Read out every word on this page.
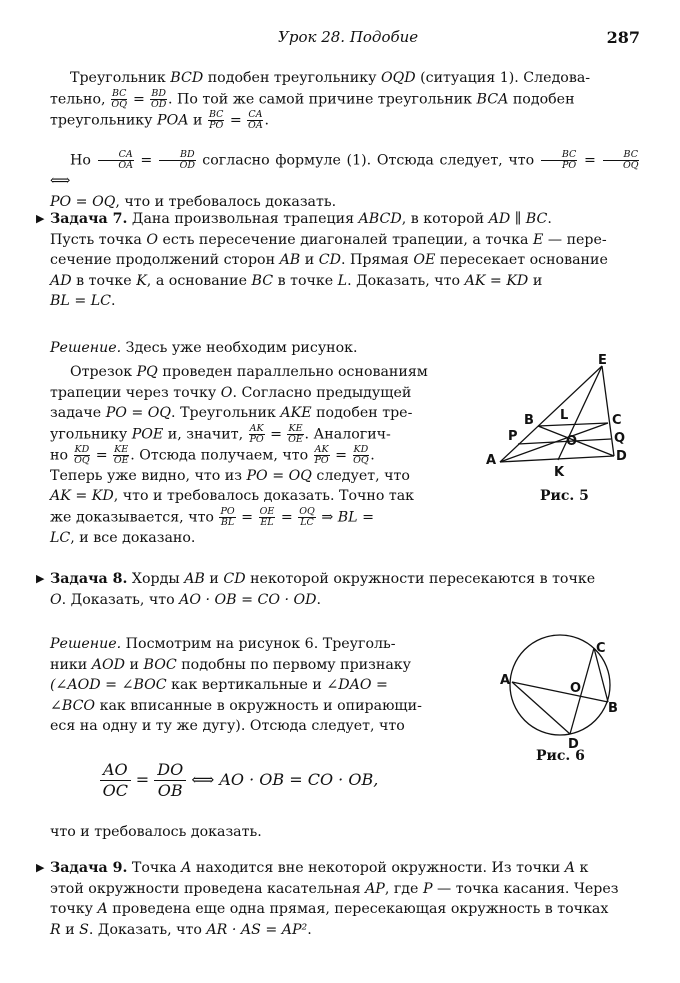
Урок 28. Подобие	287

Треугольник BCD подобен треугольнику OQD (ситуация 1). Следова-

тельно, $\frac{BC}{OQ} = \frac{BD}{OD}$ . По той же самой причине треугольник BCA подобен

треугольнику POA и $\frac{BC}{PO} = \frac{CA}{OA}$ .

Но $\frac{CA}{OA} = \frac{BD}{OD}$ согласно формуле (1). Отсюда следует, что $\frac{BC}{PO} = \frac{BC}{OQ}$
⟺

PO = OQ, что и требовалось доказать.

▶ Задача 7. Дана произвольная трапеция ABCD, в которой AD ∥ BC.

Пусть точка O есть пересечение диагоналей трапеции, а точка E — пере-

сечение продолжений сторон AB и CD. Прямая OE пересекает основание

AD в точке K, а основание BC в точке L. Доказать, что AK = KD и

BL = LC.

Решение. Здесь уже необходим рисунок.

Отрезок PQ проведен параллельно основаниям

трапеции через точку O. Согласно предыдущей

задаче PO = OQ. Треугольник AKE подобен тре-

угольнику POE и, значит, $\frac{AK}{PO} = \frac{KE}{OE}$ . Аналогич-

но $\frac{KD}{OQ} = \frac{KE}{OE}$ . Отсюда получаем, что $\frac{AK}{PO} = \frac{KD}{OQ}$ .

Теперь уже видно, что из PO = OQ следует, что

AK = KD, что и требовалось доказать. Точно так

же доказывается, что $\frac{PO}{BL} = \frac{OE}{EL} = \frac{OQ}{LC}$ ⇒ BL =

LC, и все доказано.

E
B L	C
P	Q
O
A	D
K
Рис. 5
▶ Задача 8. Хорды AB и CD некоторой окружности пересекаются в точке

O. Доказать, что AO · OB = CO · OD.

Решение. Посмотрим на рисунок 6. Треуголь-

ники AOD и BOC подобны по первому признаку

(∠AOD = ∠BOC как вертикальные и ∠DAO =

∠BCO как вписанные в окружность и опирающи-

еся на одну и ту же дугу). Отсюда следует, что

$\frac{AO}{OC} = \frac{DO}{OB}$ ⟺ AO · OB = CO · OB,

что и требовалось доказать.

A
C
O
B
D
Рис. 6
▶ Задача 9. Точка A находится вне некоторой окружности. Из точки A к

этой окружности проведена касательная AP, где P — точка касания. Через

точку A проведена еще одна прямая, пересекающая окружность в точках

R и S. Доказать, что AR · AS = AP².
